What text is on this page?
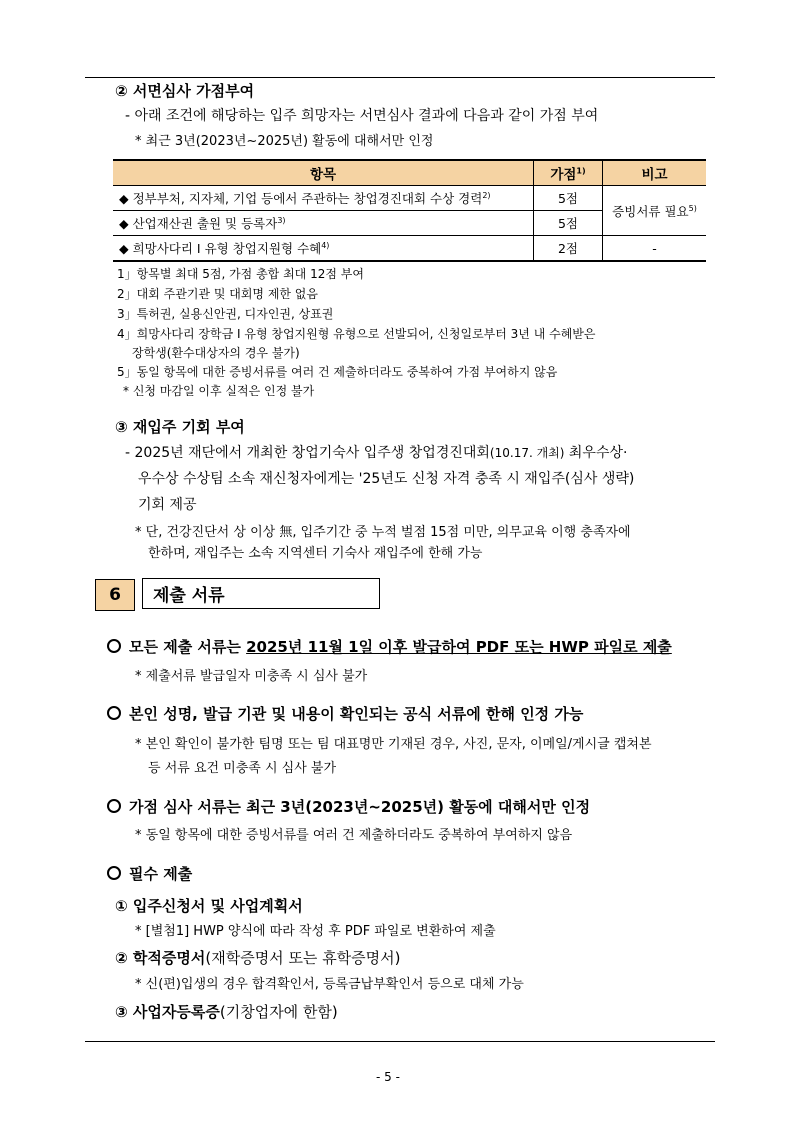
② 서면심사 가점부여
- 아래 조건에 해당하는 입주 희망자는 서면심사 결과에 다음과 같이 가점 부여
* 최근 3년(2023년~2025년) 활동에 대해서만 인정
항목	가점$^{1)}$	비고
◆ 정부부처, 지자체, 기업 등에서 주관하는 창업경진대회 수상 경력$^{2)}$	5점	증빙서류 필요$^{5)}$
◆ 산업재산권 출원 및 등록자$^{3)}$	5점	
◆ 희망사다리 I 유형 창업지원형 수혜$^{4)}$	2점	-
1」항목별 최대 5점, 가점 총합 최대 12점 부여
2」대회 주관기관 및 대회명 제한 없음
3」특허권, 실용신안권, 디자인권, 상표권
4」희망사다리 장학금 I 유형 창업지원형 유형으로 선발되어, 신청일로부터 3년 내 수혜받은
장학생(환수대상자의 경우 불가)
5」동일 항목에 대한 증빙서류를 여러 건 제출하더라도 중복하여 가점 부여하지 않음
* 신청 마감일 이후 실적은 인정 불가
③ 재입주 기회 부여
- 2025년 재단에서 개최한 창업기숙사 입주생 창업경진대회(10.17. 개최) 최우수상·
우수상 수상팀 소속 재신청자에게는 '25년도 신청 자격 충족 시 재입주(심사 생략)
기회 제공
* 단, 건강진단서 상 이상 無, 입주기간 중 누적 벌점 15점 미만, 의무교육 이행 충족자에
한하며, 재입주는 소속 지역센터 기숙사 재입주에 한해 가능
6	제출 서류
모든 제출 서류는 2025년 11월 1일 이후 발급하여 PDF 또는 HWP 파일로 제출
* 제출서류 발급일자 미충족 시 심사 불가
본인 성명, 발급 기관 및 내용이 확인되는 공식 서류에 한해 인정 가능
* 본인 확인이 불가한 팀명 또는 팀 대표명만 기재된 경우, 사진, 문자, 이메일/게시글 캡쳐본
등 서류 요건 미충족 시 심사 불가
가점 심사 서류는 최근 3년(2023년~2025년) 활동에 대해서만 인정
* 동일 항목에 대한 증빙서류를 여러 건 제출하더라도 중복하여 부여하지 않음
필수 제출
① 입주신청서 및 사업계획서
* [별첨1] HWP 양식에 따라 작성 후 PDF 파일로 변환하여 제출
② 학적증명서(재학증명서 또는 휴학증명서)
* 신(편)입생의 경우 합격확인서, 등록금납부확인서 등으로 대체 가능
③ 사업자등록증(기창업자에 한함)
- 5 -
